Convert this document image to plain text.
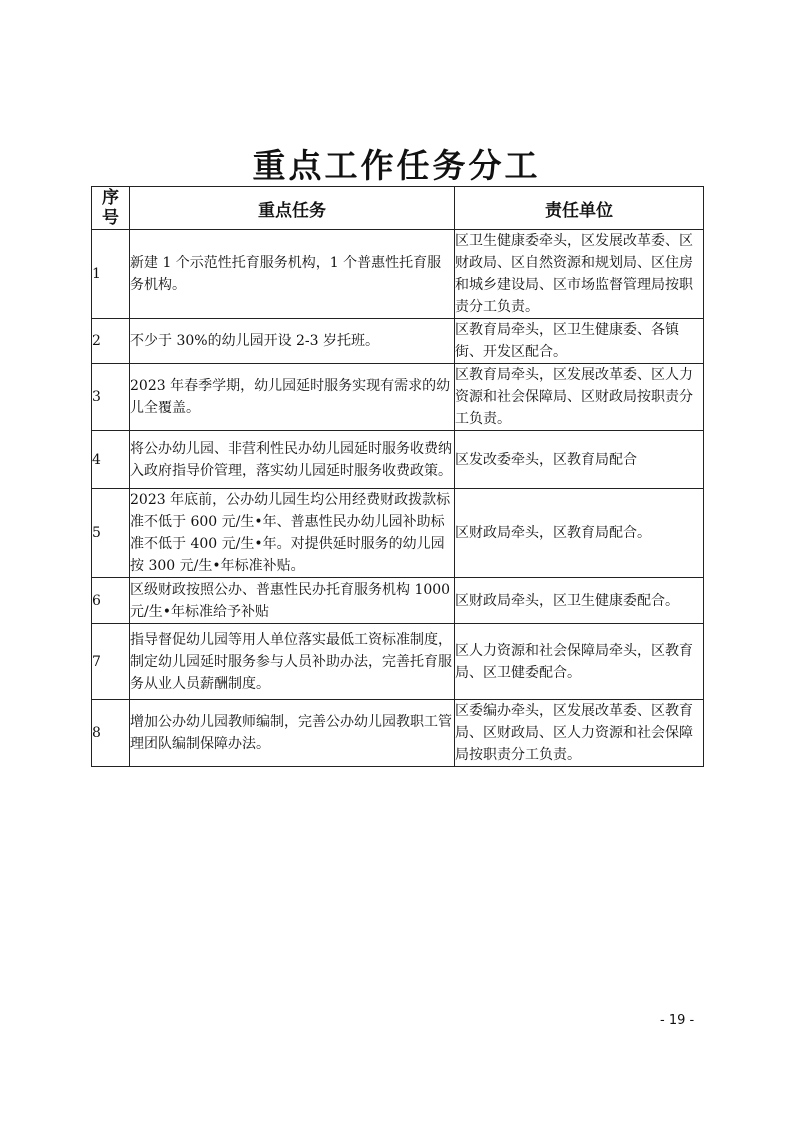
重点工作任务分工
序号	重点任务	责任单位
1	新建 1 个示范性托育服务机构，1 个普惠性托育服务机构。	区卫生健康委牵头，区发展改革委、区财政局、区自然资源和规划局、区住房和城乡建设局、区市场监督管理局按职责分工负责。
2	不少于 30%的幼儿园开设 2-3 岁托班。	区教育局牵头，区卫生健康委、各镇街、开发区配合。
3	2023 年春季学期，幼儿园延时服务实现有需求的幼儿全覆盖。	区教育局牵头，区发展改革委、区人力资源和社会保障局、区财政局按职责分工负责。
4	将公办幼儿园、非营利性民办幼儿园延时服务收费纳入政府指导价管理，落实幼儿园延时服务收费政策。	区发改委牵头，区教育局配合
5	2023 年底前，公办幼儿园生均公用经费财政拨款标准不低于 600 元/生•年、普惠性民办幼儿园补助标准不低于 400 元/生•年。对提供延时服务的幼儿园按 300 元/生•年标准补贴。	区财政局牵头，区教育局配合。
6	区级财政按照公办、普惠性民办托育服务机构 1000 元/生•年标准给予补贴	区财政局牵头，区卫生健康委配合。
7	指导督促幼儿园等用人单位落实最低工资标准制度，制定幼儿园延时服务参与人员补助办法，完善托育服务从业人员薪酬制度。	区人力资源和社会保障局牵头，区教育局、区卫健委配合。
8	增加公办幼儿园教师编制，完善公办幼儿园教职工管理团队编制保障办法。	区委编办牵头，区发展改革委、区教育局、区财政局、区人力资源和社会保障局按职责分工负责。
- 19 -
